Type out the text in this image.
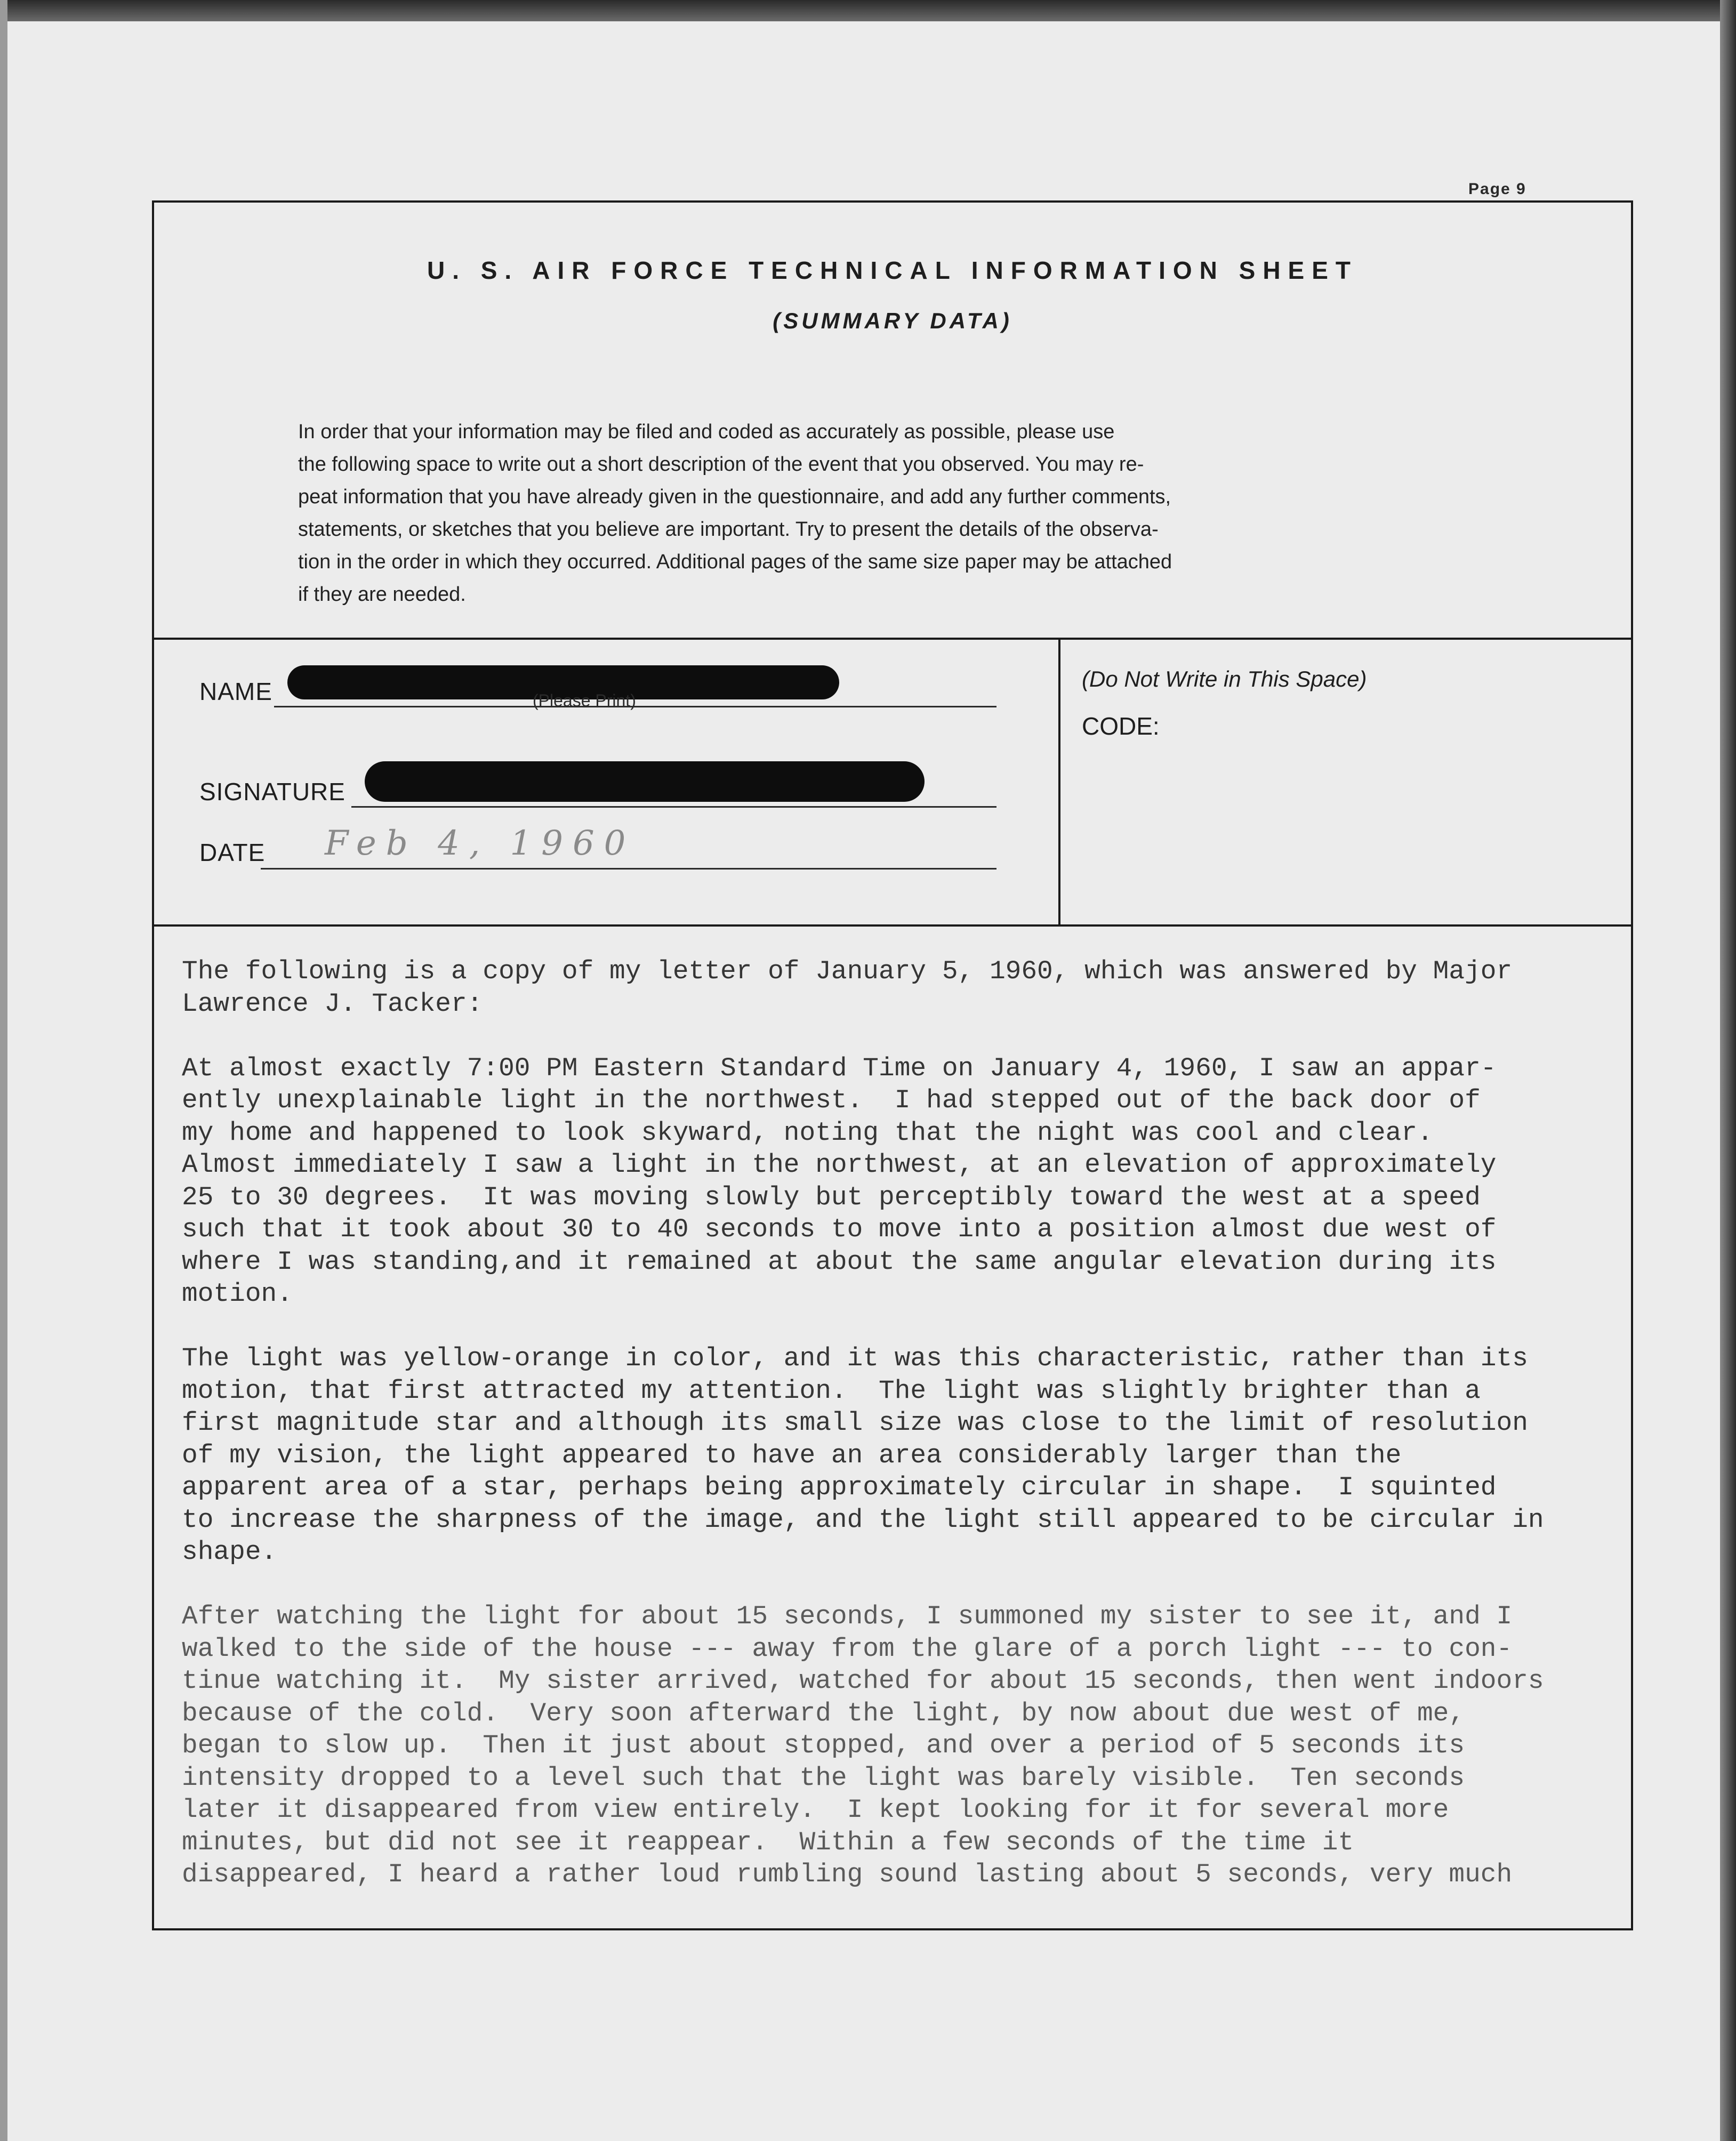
Page 9
U. S. AIR FORCE TECHNICAL INFORMATION SHEET
(SUMMARY DATA)

In order that your information may be filed and coded as accurately as possible, please use

the following space to write out a short description of the event that you observed. You may re-

peat information that you have already given in the questionnaire, and add any further comments,

statements, or sketches that you believe are important. Try to present the details of the observa-

tion in the order in which they occurred. Additional pages of the same size paper may be attached

if they are needed.

NAME	(Please Print)
SIGNATURE
DATE Feb 4, 1960
(Do Not Write in This Space)
CODE:

The following is a copy of my letter of January 5, 1960, which was answered by Major
Lawrence J. Tacker:

At almost exactly 7:00 PM Eastern Standard Time on January 4, 1960, I saw an appar-
ently unexplainable light in the northwest.  I had stepped out of the back door of
my home and happened to look skyward, noting that the night was cool and clear.
Almost immediately I saw a light in the northwest, at an elevation of approximately
25 to 30 degrees.  It was moving slowly but perceptibly toward the west at a speed
such that it took about 30 to 40 seconds to move into a position almost due west of
where I was standing,and it remained at about the same angular elevation during its
motion.

The light was yellow-orange in color, and it was this characteristic, rather than its
motion, that first attracted my attention.  The light was slightly brighter than a
first magnitude star and although its small size was close to the limit of resolution
of my vision, the light appeared to have an area considerably larger than the
apparent area of a star, perhaps being approximately circular in shape.  I squinted
to increase the sharpness of the image, and the light still appeared to be circular in
shape.

After watching the light for about 15 seconds, I summoned my sister to see it, and I
walked to the side of the house --- away from the glare of a porch light --- to con-
tinue watching it.  My sister arrived, watched for about 15 seconds, then went indoors
because of the cold.  Very soon afterward the light, by now about due west of me,
began to slow up.  Then it just about stopped, and over a period of 5 seconds its
intensity dropped to a level such that the light was barely visible.  Ten seconds
later it disappeared from view entirely.  I kept looking for it for several more
minutes, but did not see it reappear.  Within a few seconds of the time it
disappeared, I heard a rather loud rumbling sound lasting about 5 seconds, very much
